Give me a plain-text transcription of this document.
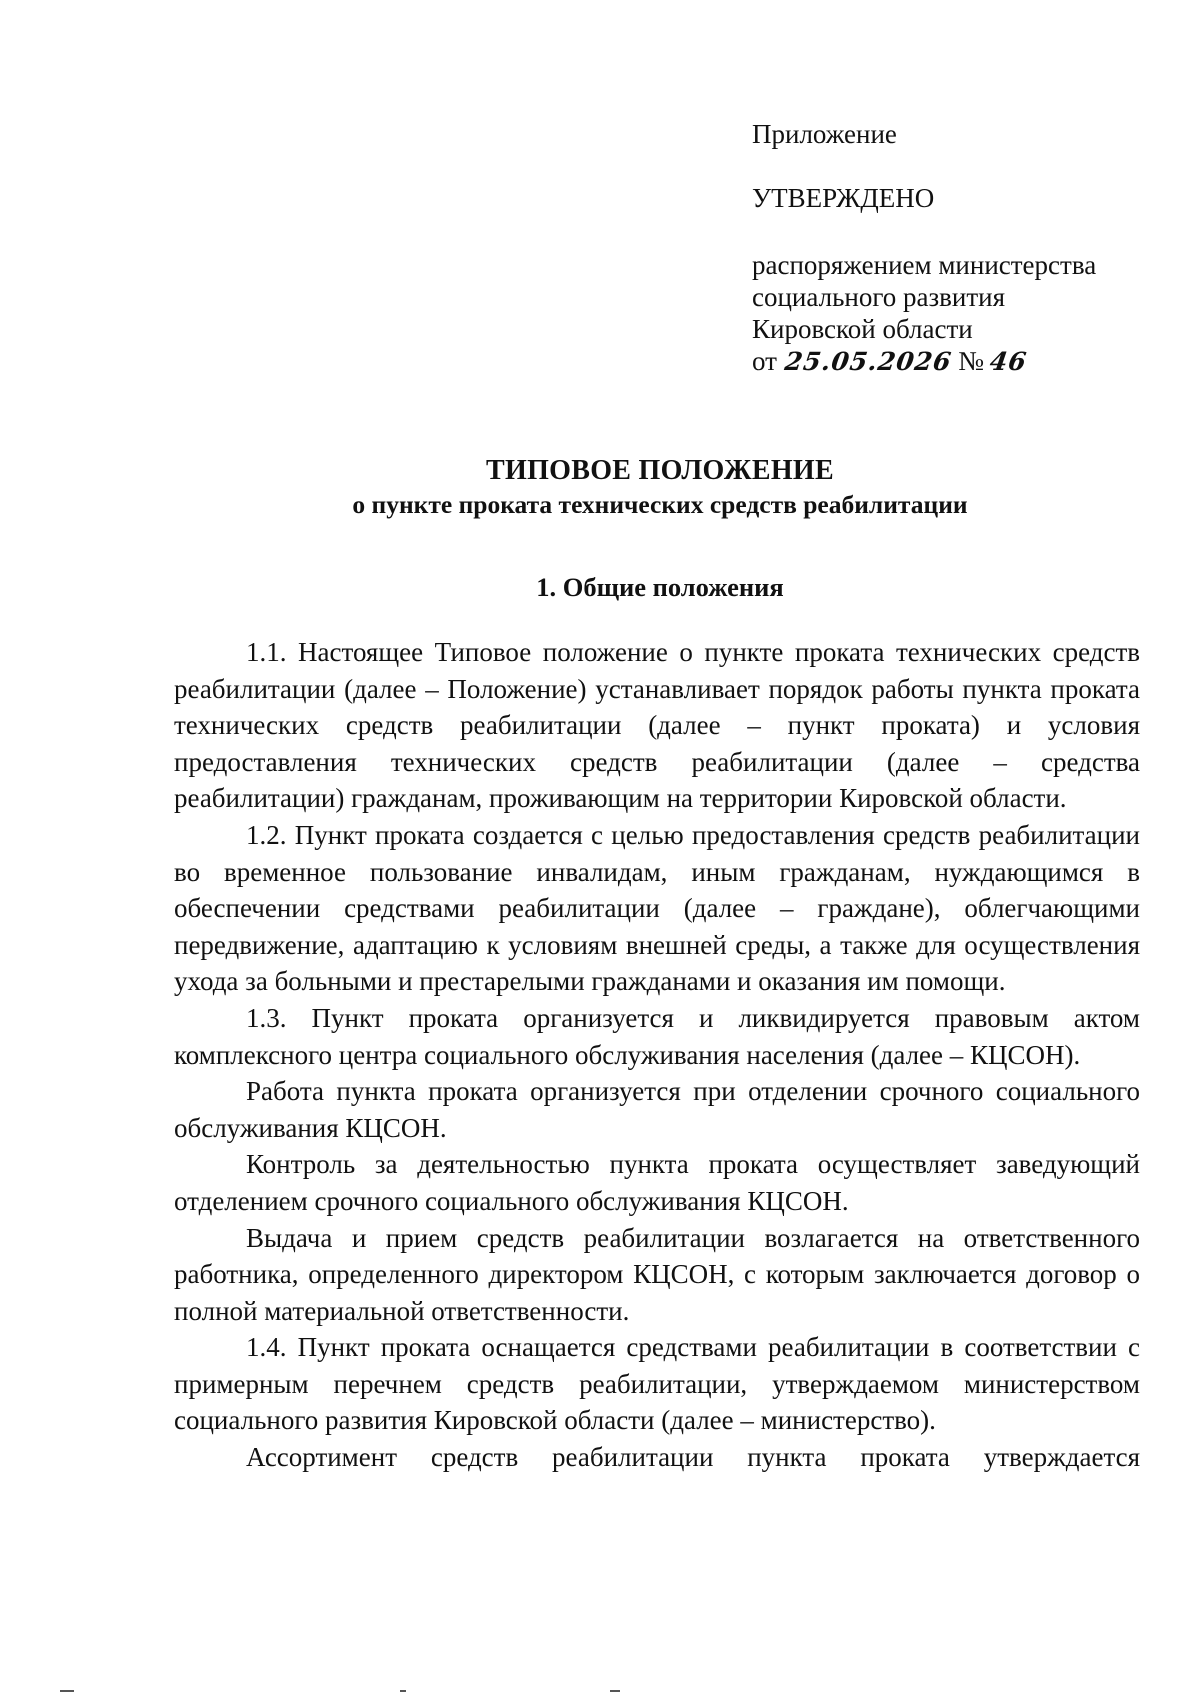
Приложение
УТВЕРЖДЕНО
распоряжением министерства
социального развития
Кировской области
от 25.05.2026 № 46
ТИПОВОЕ ПОЛОЖЕНИЕ
о пункте проката технических средств реабилитации
1. Общие положения

1.1. Настоящее Типовое положение о пункте проката технических средств реабилитации (далее – Положение) устанавливает порядок работы пункта проката технических средств реабилитации (далее – пункт проката) и условия предоставления технических средств реабилитации (далее – средства реабилитации) гражданам, проживающим на территории Кировской области.

1.2. Пункт проката создается с целью предоставления средств реабилитации во временное пользование инвалидам, иным гражданам, нуждающимся в обеспечении средствами реабилитации (далее – граждане), облегчающими передвижение, адаптацию к условиям внешней среды, а также для осуществления ухода за больными и престарелыми гражданами и оказания им помощи.

1.3. Пункт проката организуется и ликвидируется правовым актом комплексного центра социального обслуживания населения (далее – КЦСОН).

Работа пункта проката организуется при отделении срочного социального обслуживания КЦСОН.

Контроль за деятельностью пункта проката осуществляет заведующий отделением срочного социального обслуживания КЦСОН.

Выдача и прием средств реабилитации возлагается на ответственного работника, определенного директором КЦСОН, с которым заключается договор о полной материальной ответственности.

1.4. Пункт проката оснащается средствами реабилитации в соответствии с примерным перечнем средств реабилитации, утверждаемом министерством социального развития Кировской области (далее – министерство).

Ассортимент средств реабилитации пункта проката утверждается
